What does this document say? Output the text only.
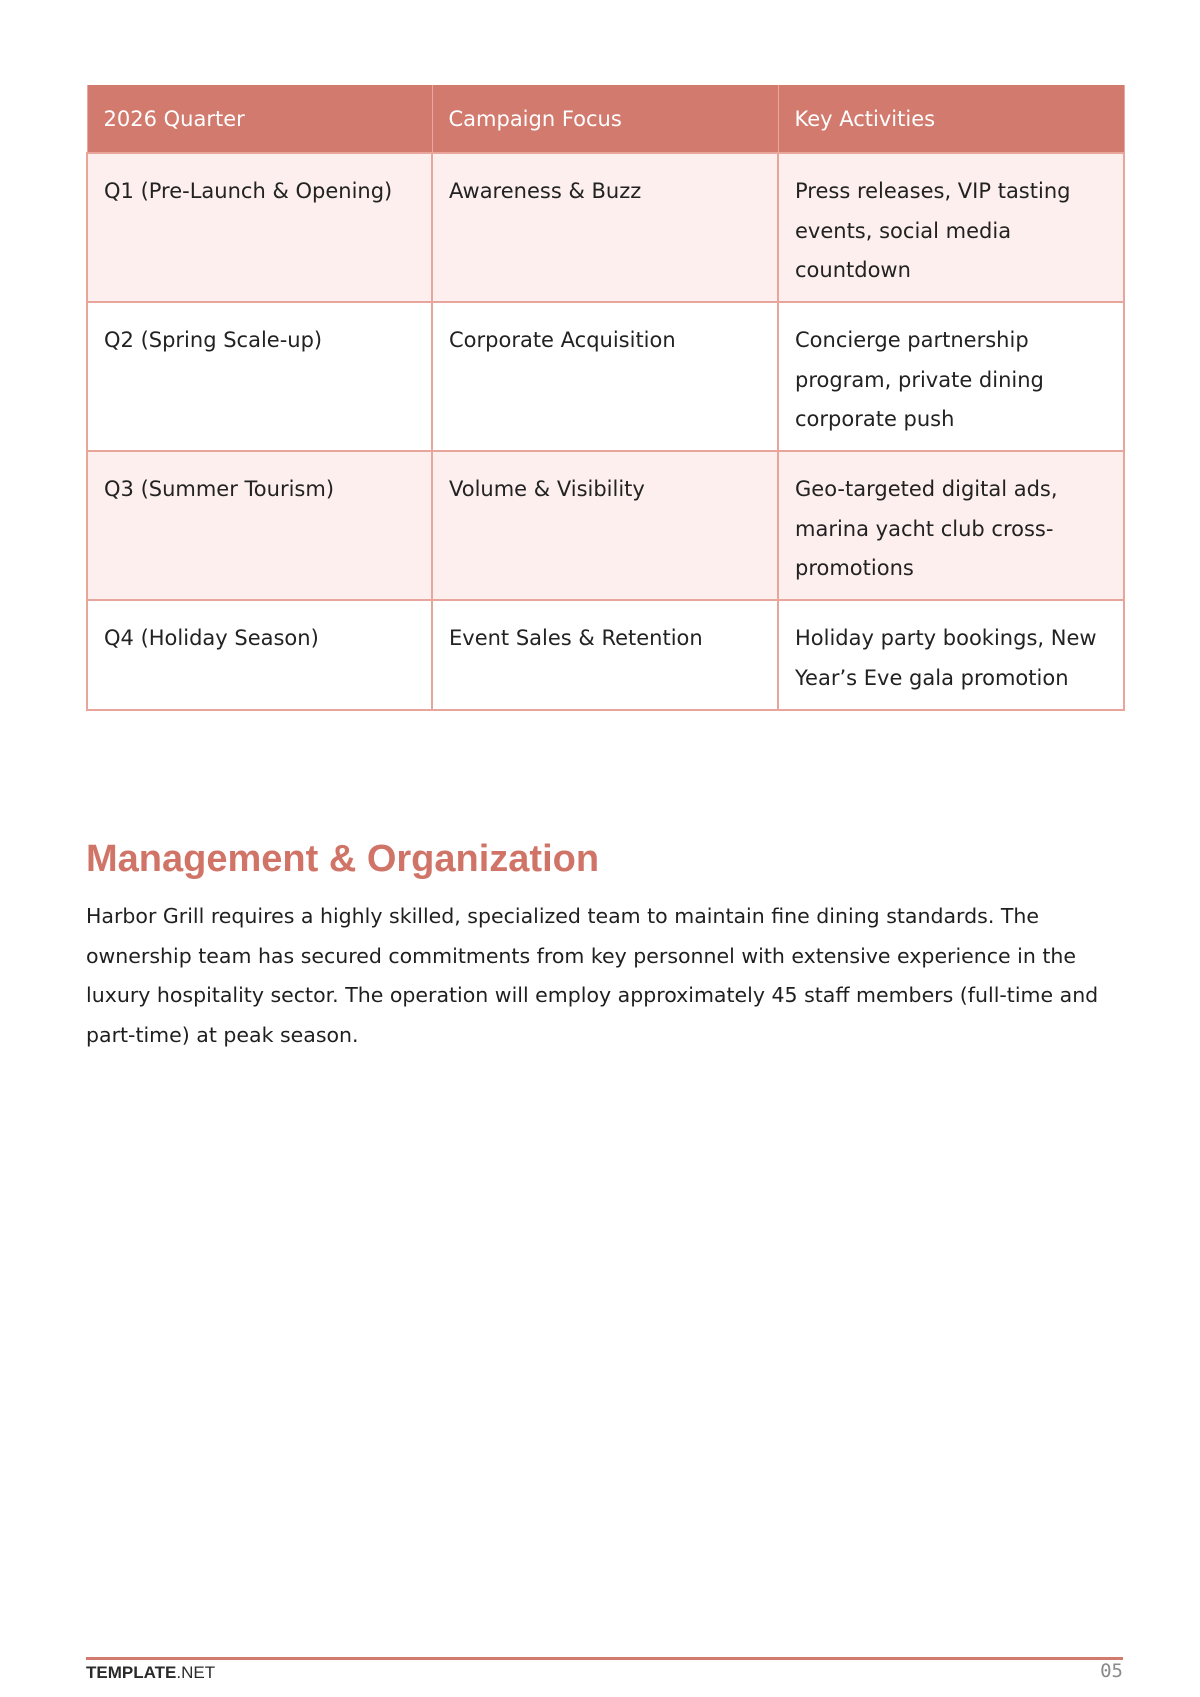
2026 Quarter	Campaign Focus	Key Activities
Q1 (Pre-Launch & Opening)	Awareness & Buzz	Press releases, VIP tasting events, social media countdown
Q2 (Spring Scale-up)	Corporate Acquisition	Concierge partnership program, private dining corporate push
Q3 (Summer Tourism)	Volume & Visibility	Geo-targeted digital ads, marina yacht club cross-promotions
Q4 (Holiday Season)	Event Sales & Retention	Holiday party bookings, New Year’s Eve gala promotion
Management & Organization

Harbor Grill requires a highly skilled, specialized team to maintain fine dining standards. The ownership team has secured commitments from key personnel with extensive experience in the luxury hospitality sector. The operation will employ approximately 45 staff members (full-time and part-time) at peak season.

TEMPLATE.NET	05
